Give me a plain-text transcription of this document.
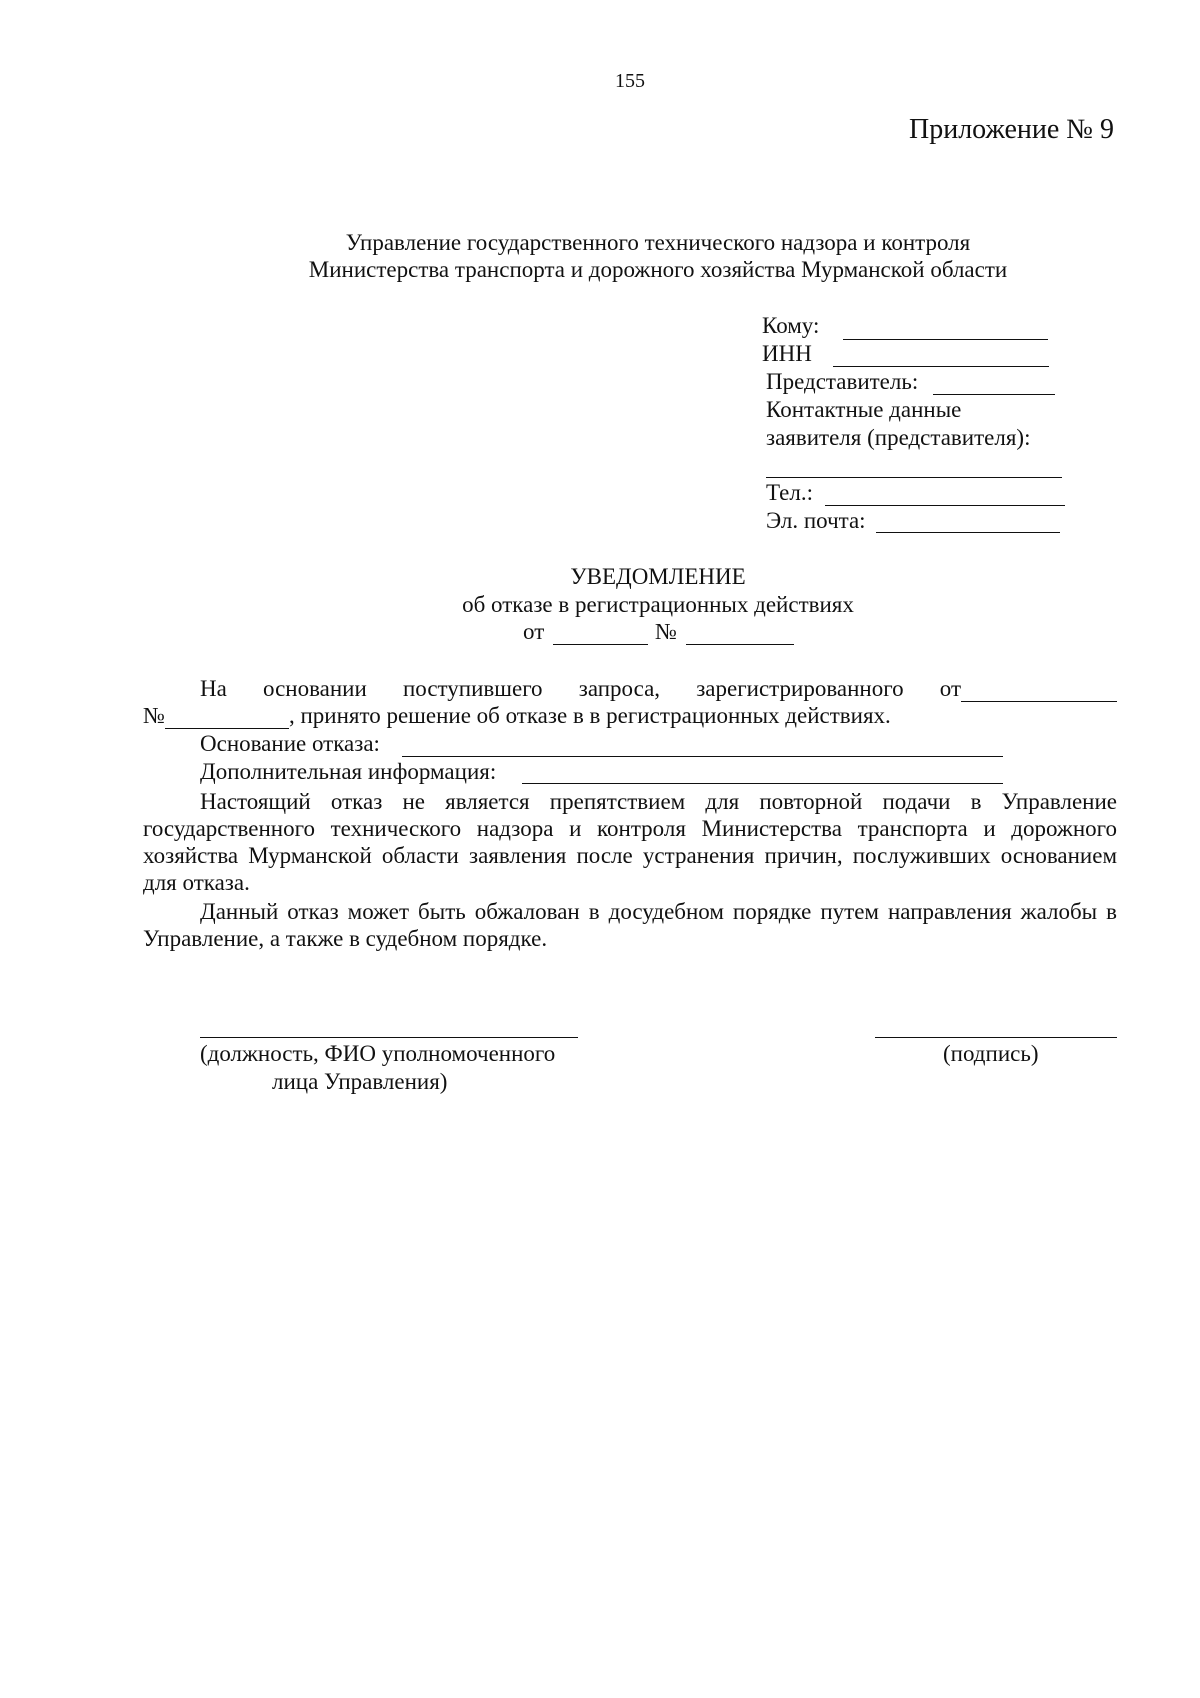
155
Приложение № 9
Управление государственного технического надзора и контроля
Министерства транспорта и дорожного хозяйства Мурманской области
Кому:
ИНН
Представитель:
Контактные данные
заявителя (представителя):
Тел.:
Эл. почта:
УВЕДОМЛЕНИЕ
об отказе в регистрационных действиях
от	№
На основании поступившего запроса, зарегистрированного от
№	, принято решение об отказе в в регистрационных действиях.
Основание отказа:
Дополнительная информация:
Настоящий отказ не является препятствием для повторной подачи в Управление государственного технического надзора и контроля Министерства транспорта и дорожного хозяйства Мурманской области заявления после устранения причин, послуживших основанием для отказа.
Данный отказ может быть обжалован в досудебном порядке путем направления жалобы в Управление, а также в судебном порядке.
(должность, ФИО уполномоченного
лица Управления)
(подпись)
